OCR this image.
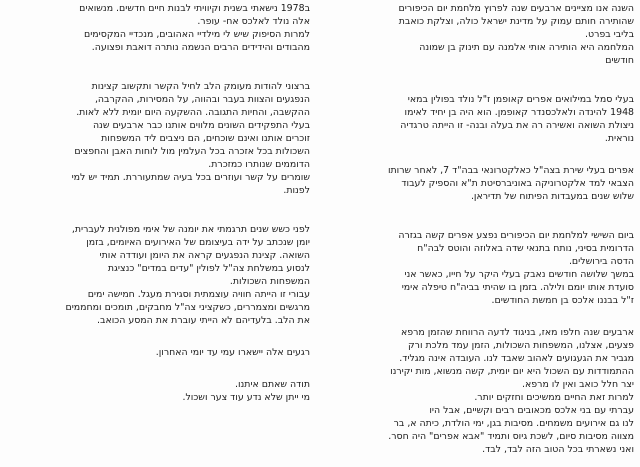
השנה אנו מציינים ארבעים שנה לפרוץ מלחמת יום הכיפורים
שהותירה חותם עמוק על מדינת ישראל כולה, וצלקת כואבת
בליבי בפרט.
המלחמה היא הותירה אותי אלמנה עם תינוק בן שמונה
חודשים
בעלי סמל במילואים אפרים קאופמן ז"ל נולד בפולין במאי
1948 להינדה ולאלכסנדר קאופמן. הוא היה בן יחיד לאימו
ניצולת השואה ואשירה רה את בעלה ובנה- זו הייתה טרגדיה
נוראית.
אפרים בעלי שירת בצה"ל כאלקטרונאי בבה"ד 7, לאחר שרותו
הצבאי למד אלקטרוניקה באוניברסיטת ת"א והספיק לעבוד
שלוש שנים במעבדות הפיתוח של תדיראן.
ביום השישי למלחמת יום הכיפורים נפצע אפרים קשה בגזרה
הדרומית בסיני, נותח בתנאי שדה באלוזה והוטס לבה"ח
הדסה בירושלים.
במשך שלושה חודשים נאבק בעלי היקר על חייו, כאשר אני
סועדת אותו יומם ולילה. בזמן בו שהיתי בביה"ח טיפלה אימי
ז"ל בבננו אלכס בן חמשת החודשים.
ארבעים שנה חלפו מאז, בניגוד לדעה הרווחת שהזמן מרפא
פצעים, אצלנו, המשפחות השכולות, הזמן עמד מלכת ורק
מגביר את הגעגועים לאהוב שאבד לנו. העובדה אינה מגליד.
ההתמודדות עם השכול היא יום יומית, קשה מנשוא, מות יקירנו
יצר חלל כואב ואין לו מרפא.
למרות זאת החיים ממשיכים וחזקים יותר.
עברתי עם בני אלכס מכאובים רבים וקשיים, אבל היו
לנו גם אירועים משמחים. מסיבות בגן, ימי הולדת, כיתה א, בר
מצווה מסיבות סיום, לשכת גיוס ותמיד "אבא אפרים" היה חסר.
ואני נשארתי בכל הטוב הזה לבד, לבד.
ב1978 נישאתי בשנית וקיוויתי לבנות חיים חדשים. מנשואים
אלה נולד לאלכס אח- עופר.
למרות הסיפוק שיש לי מילדיי האהובים, מנכדיי המקסימים
מהבודים והידידים הרבים הנשמה נותרה דואבת ופצועה.
ברצוני להודות מעומק הלב לחיל הקשר ותקשוב קצינות
הנפגעים והצוות בעבר ובהווה, על המסירות, ההקרבה,
ההקשבה, והחיות התגובה. ההשקעה היום יומית ללא לאות.
בעלי התפקידים השונים מלווים אותנו כבר ארבעים שנה
זוכרים אותנו ואינם שוכחים, הם ניצבים ליד המשפחות
השכולות בכל אזכרה בכל העלמין מול לוחות האבן והחפצים
הדוממים שנותרו כמזכרת.
שומרים על קשר ועוזרים בכל בעיה שמתעוררת. תמיד יש למי
לפנות.
לפני כשש שנים תרגמתי את יומנה של אימי מפולנית לעברית,
יומן שנכתב על ידה בעיצומם של האירועים האיומים, בזמן
השואה. קצינת הנפגעים קראה את היומן ועודדה אותי
לנסוע במשלחת צה"ל לפולין "עדים במדים" כנציגת
המשפחות השכולות.
עבורי זו הייתה חוויה עוצמתית וסגירת מעגל. חמישה ימים
מרגשים ומצמררים, כשקציני צה"ל מחבקים, תומכים ומחממים
את הלב. בלעדיהם לא הייתי עוברת את המסע הכואב.
רגעים אלה יישארו עמי עד יומי האחרון.
תודה שאתם איתנו.
מי ייתן שלא נדע עוד צער ושכול.
